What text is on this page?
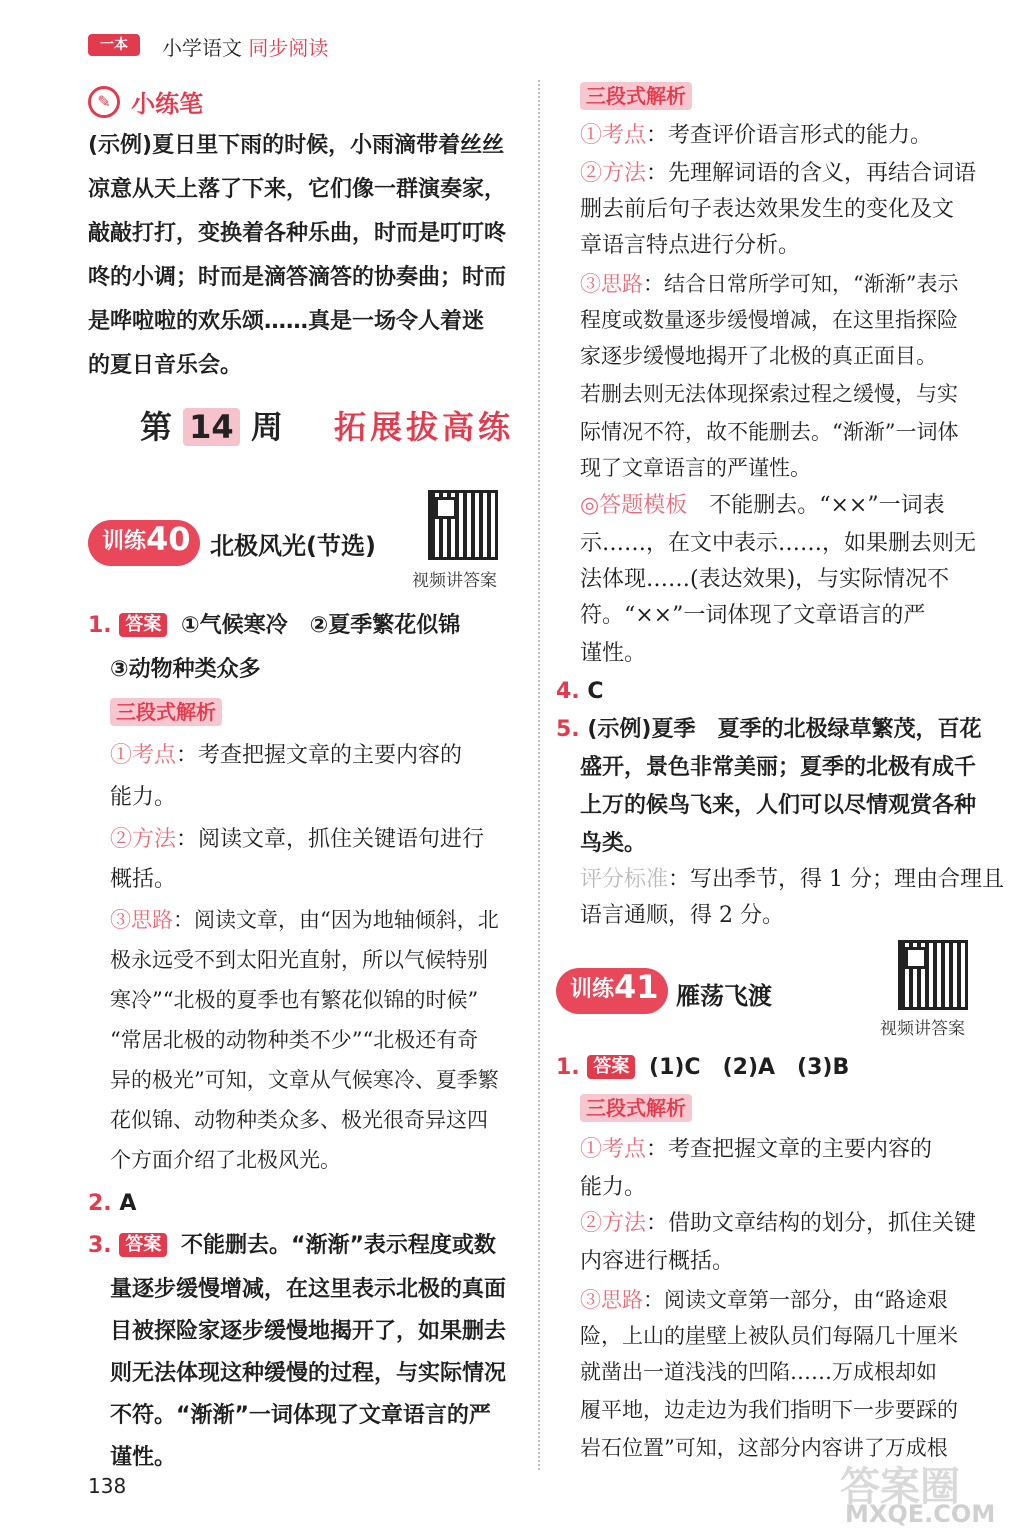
一本	小学语文 同步阅读
✎ 小练笔
(示例)夏日里下雨的时候，小雨滴带着丝丝
凉意从天上落了下来，它们像一群演奏家，
敲敲打打，变换着各种乐曲，时而是叮叮咚
咚的小调；时而是滴答滴答的协奏曲；时而
是哗啦啦的欢乐颂……真是一场令人着迷
的夏日音乐会。
第 14 周 拓展拔高练
训练40 北极风光(节选)
视频讲答案
1. 答案 ①气候寒冷　②夏季繁花似锦
③动物种类众多
三段式解析
①考点：考查把握文章的主要内容的
能力。
②方法：阅读文章，抓住关键语句进行
概括。
③思路：阅读文章，由“因为地轴倾斜，北
极永远受不到太阳光直射，所以气候特别
寒冷”“北极的夏季也有繁花似锦的时候”
“常居北极的动物种类不少”“北极还有奇
异的极光”可知，文章从气候寒冷、夏季繁
花似锦、动物种类众多、极光很奇异这四
个方面介绍了北极风光。
2. A
3. 答案 不能删去。“渐渐”表示程度或数
量逐步缓慢增减，在这里表示北极的真面
目被探险家逐步缓慢地揭开了，如果删去
则无法体现这种缓慢的过程，与实际情况
不符。“渐渐”一词体现了文章语言的严
谨性。
三段式解析
①考点：考查评价语言形式的能力。
②方法：先理解词语的含义，再结合词语
删去前后句子表达效果发生的变化及文
章语言特点进行分析。
③思路：结合日常所学可知，“渐渐”表示
程度或数量逐步缓慢增减，在这里指探险
家逐步缓慢地揭开了北极的真正面目。
若删去则无法体现探索过程之缓慢，与实
际情况不符，故不能删去。“渐渐”一词体
现了文章语言的严谨性。
◎答题模板　 不能删去。“××”一词表
示……，在文中表示……，如果删去则无
法体现……(表达效果)，与实际情况不
符。“××”一词体现了文章语言的严
谨性。
4. C
5. (示例)夏季　夏季的北极绿草繁茂，百花
盛开，景色非常美丽；夏季的北极有成千
上万的候鸟飞来，人们可以尽情观赏各种
鸟类。
评分标准：写出季节，得 1 分；理由合理且
语言通顺，得 2 分。
训练41 雁荡飞渡
视频讲答案
1. 答案 (1)C　(2)A　(3)B
三段式解析
①考点：考查把握文章的主要内容的
能力。
②方法：借助文章结构的划分，抓住关键
内容进行概括。
③思路：阅读文章第一部分，由“路途艰
险，上山的崖壁上被队员们每隔几十厘米
就凿出一道浅浅的凹陷……万成根却如
履平地，边走边为我们指明下一步要踩的
岩石位置”可知，这部分内容讲了万成根
138	答案圈
MXQE.COM
